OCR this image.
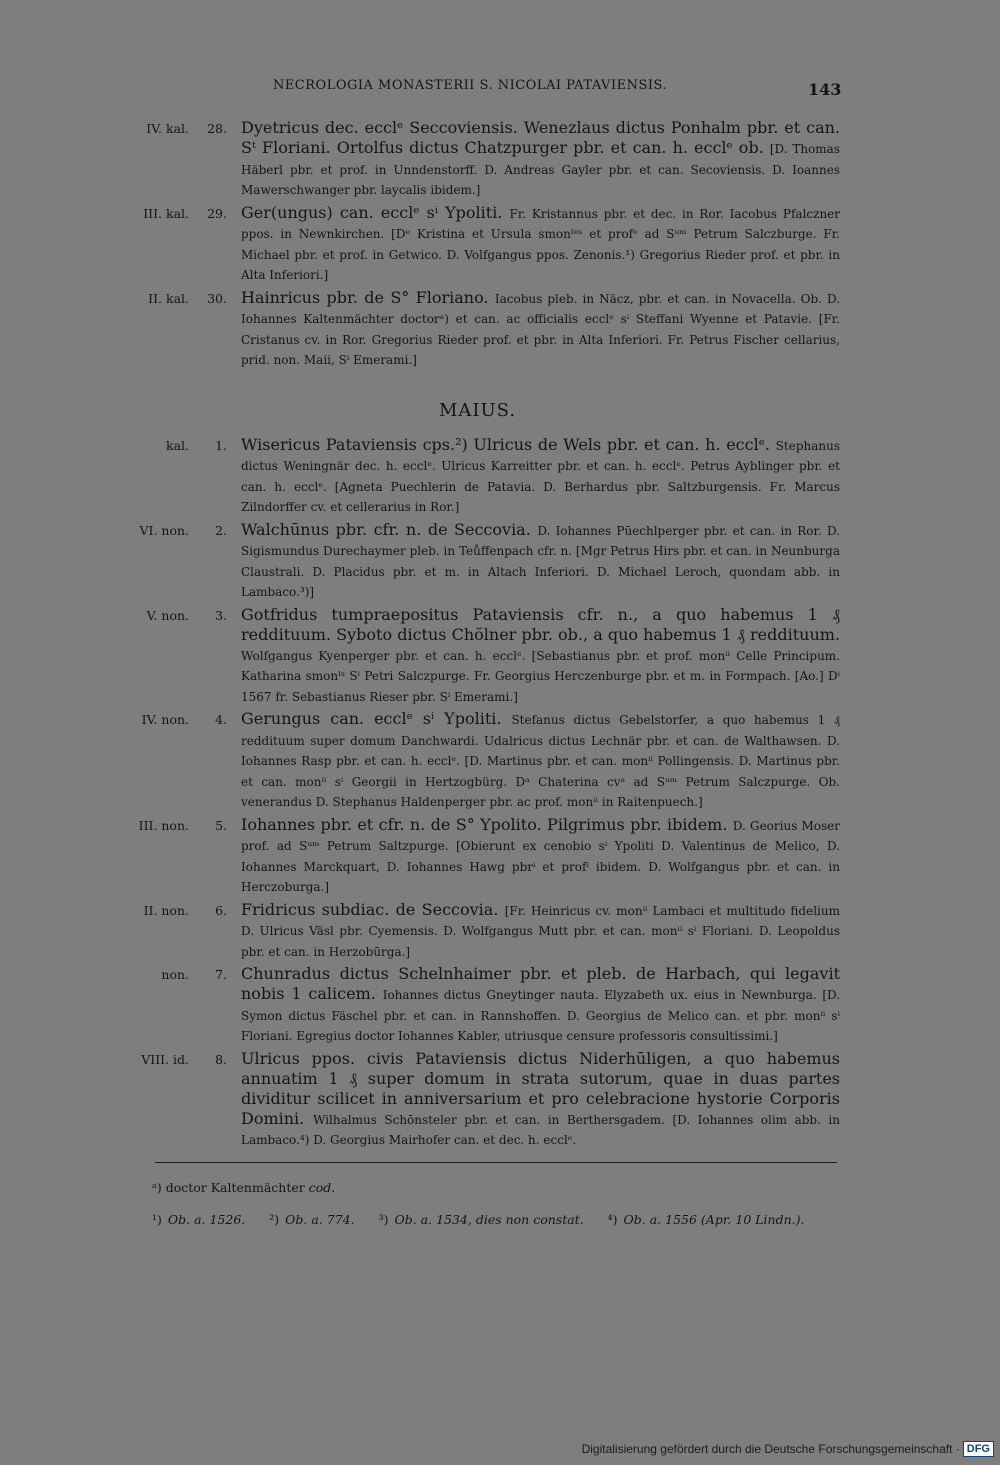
NECROLOGIA MONASTERII S. NICOLAI PATAVIENSIS.	143
IV. kal.	28. Dyetricus dec. ecclᵉ Seccoviensis. Wenezlaus dictus Ponhalm pbr. et can. Sᵗ Floriani. Ortolfus dictus Chatzpurger pbr. et can. h. ecclᵉ ob. [D. Thomas Häberl pbr. et prof. in Unndenstorff. D. Andreas Gayler pbr. et can. Secoviensis. D. Ioannes Mawerschwanger pbr. laycalis ibidem.]
III. kal.	29. Ger(ungus) can. ecclᵉ sⁱ Ypoliti. Fr. Kristannus pbr. et dec. in Ror. Iacobus Pfalczner ppos. in Newnkirchen. [Dᵉ Kristina et Ursula smonˡᵉˢ et profᵉ ad Sᵘᵐ Petrum Salczburge. Fr. Michael pbr. et prof. in Getwico. D. Volfgangus ppos. Zenonis.¹) Gregorius Rieder prof. et pbr. in Alta Inferiori.]
II. kal.	30. Hainricus pbr. de S° Floriano. Iacobus pleb. in Näcz, pbr. et can. in Novacella. Ob. D. Iohannes Kaltenmächter doctorᵃ) et can. ac officialis ecclᵉ sⁱ Steffani Wyenne et Patavie. [Fr. Cristanus cv. in Ror. Gregorius Rieder prof. et pbr. in Alta Inferiori. Fr. Petrus Fischer cellarius, prid. non. Maii, Sⁱ Emerami.]
MAIUS.
kal.	1. Wisericus Pataviensis cps.²) Ulricus de Wels pbr. et can. h. ecclᵉ. Stephanus dictus Weningnär dec. h. ecclᵉ. Ulricus Karreitter pbr. et can. h. ecclᵉ. Petrus Ayblinger pbr. et can. h. ecclᵉ. [Agneta Puechlerin de Patavia. D. Berhardus pbr. Saltzburgensis. Fr. Marcus Zilndorffer cv. et cellerarius in Ror.]
VI. non.	2. Walchūnus pbr. cfr. n. de Seccovia. D. Iohannes Pūechlperger pbr. et can. in Ror. D. Sigismundus Durechaymer pleb. in Teůffenpach cfr. n. [Mgr Petrus Hirs pbr. et can. in Neunburga Claustrali. D. Placidus pbr. et m. in Altach Inferiori. D. Michael Leroch, quondam abb. in Lambaco.³)]
V. non.	3. Gotfridus tumpraepositus Pataviensis cfr. n., a quo habemus 1 ₰ reddituum. Syboto dictus Chŏlner pbr. ob., a quo habemus 1 ₰ reddituum. Wolfgangus Kyenperger pbr. et can. h. ecclᵉ. [Sebastianus pbr. et prof. monⁱⁱ Celle Principum. Katharina smonˡˢ Sⁱ Petri Salczpurge. Fr. Georgius Herczenburge pbr. et m. in Formpach. [Ao.] Dⁱ 1567 fr. Sebastianus Rieser pbr. Sⁱ Emerami.]
IV. non.	4. Gerungus can. ecclᵉ sⁱ Ypoliti. Stefanus dictus Gebelstorfer, a quo habemus 1 ₰ reddituum super domum Danchwardi. Udalricus dictus Lechnär pbr. et can. de Walthawsen. D. Iohannes Rasp pbr. et can. h. ecclᵉ. [D. Martinus pbr. et can. monⁱⁱ Pollingensis. D. Martinus pbr. et can. monⁱⁱ sⁱ Georgii in Hertzogbürg. Dᵃ Chaterina cvᵃ ad Sᵘᵐ Petrum Salczpurge. Ob. venerandus D. Stephanus Haldenperger pbr. ac prof. monⁱⁱ in Raitenpuech.]
III. non.	5. Iohannes pbr. et cfr. n. de S° Ypolito. Pilgrimus pbr. ibidem. D. Georius Moser prof. ad Sᵘᵐ Petrum Saltzpurge. [Obierunt ex cenobio sⁱ Ypoliti D. Valentinus de Melico, D. Iohannes Marckquart, D. Iohannes Hawg pbrⁱ et profⁱ ibidem. D. Wolfgangus pbr. et can. in Herczoburga.]
II. non.	6. Fridricus subdiac. de Seccovia. [Fr. Heinricus cv. monⁱⁱ Lambaci et multitudo fidelium D. Ulricus Väsl pbr. Cyemensis. D. Wolfgangus Mutt pbr. et can. monⁱⁱ sⁱ Floriani. D. Leopoldus pbr. et can. in Herzobūrga.]
non.	7. Chunradus dictus Schelnhaimer pbr. et pleb. de Harbach, qui legavit nobis 1 calicem. Iohannes dictus Gneytinger nauta. Elyzabeth ux. eius in Newnburga. [D. Symon dictus Fäschel pbr. et can. in Rannshoffen. D. Georgius de Melico can. et pbr. monⁱⁱ sⁱ Floriani. Egregius doctor Iohannes Kabler, utriusque censure professoris consultissimi.]
VIII. id.	8. Ulricus ppos. civis Pataviensis dictus Niderhūligen, a quo habemus annuatim 1 ₰ super domum in strata sutorum, quae in duas partes dividitur scilicet in anniversarium et pro celebracione hystorie Corporis Domini. Wilhalmus Schōnsteler pbr. et can. in Berthersgadem. [D. Iohannes olim abb. in Lambaco.⁴) D. Georgius Mairhofer can. et dec. h. ecclᵉ.
ᵃ) doctor Kaltenmächter cod.
¹) Ob. a. 1526. ²) Ob. a. 774. ³) Ob. a. 1534, dies non constat. ⁴) Ob. a. 1556 (Apr. 10 Lindn.).
Digitalisierung gefördert durch die Deutsche Forschungsgemeinschaft · DFG
